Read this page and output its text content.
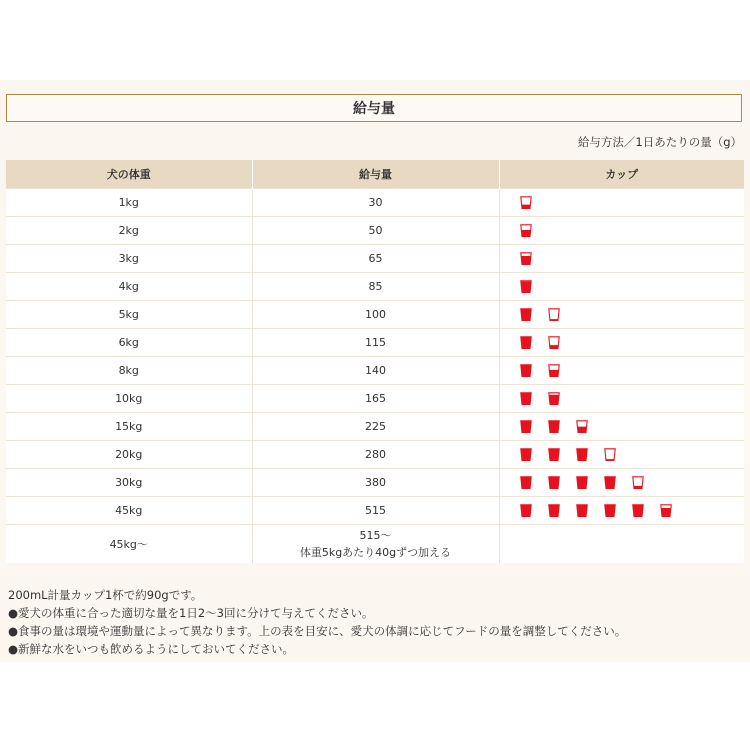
給与量
給与方法／1日あたりの量（g）
犬の体重	給与量	カップ
1kg	30	

2kg	50	

3kg	65	

4kg	85	

5kg	100	

6kg	115	

8kg	140	

10kg	165	

15kg	225	

20kg	280	

30kg	380	

45kg	515	

45kg〜	515〜
体重5kgあたり40gずつ加える	

200mL計量カップ1杯で約90gです。
●愛犬の体重に合った適切な量を1日2〜3回に分けて与えてください。
●食事の量は環境や運動量によって異なります。上の表を目安に、愛犬の体調に応じてフードの量を調整してください。
●新鮮な水をいつも飲めるようにしておいてください。
